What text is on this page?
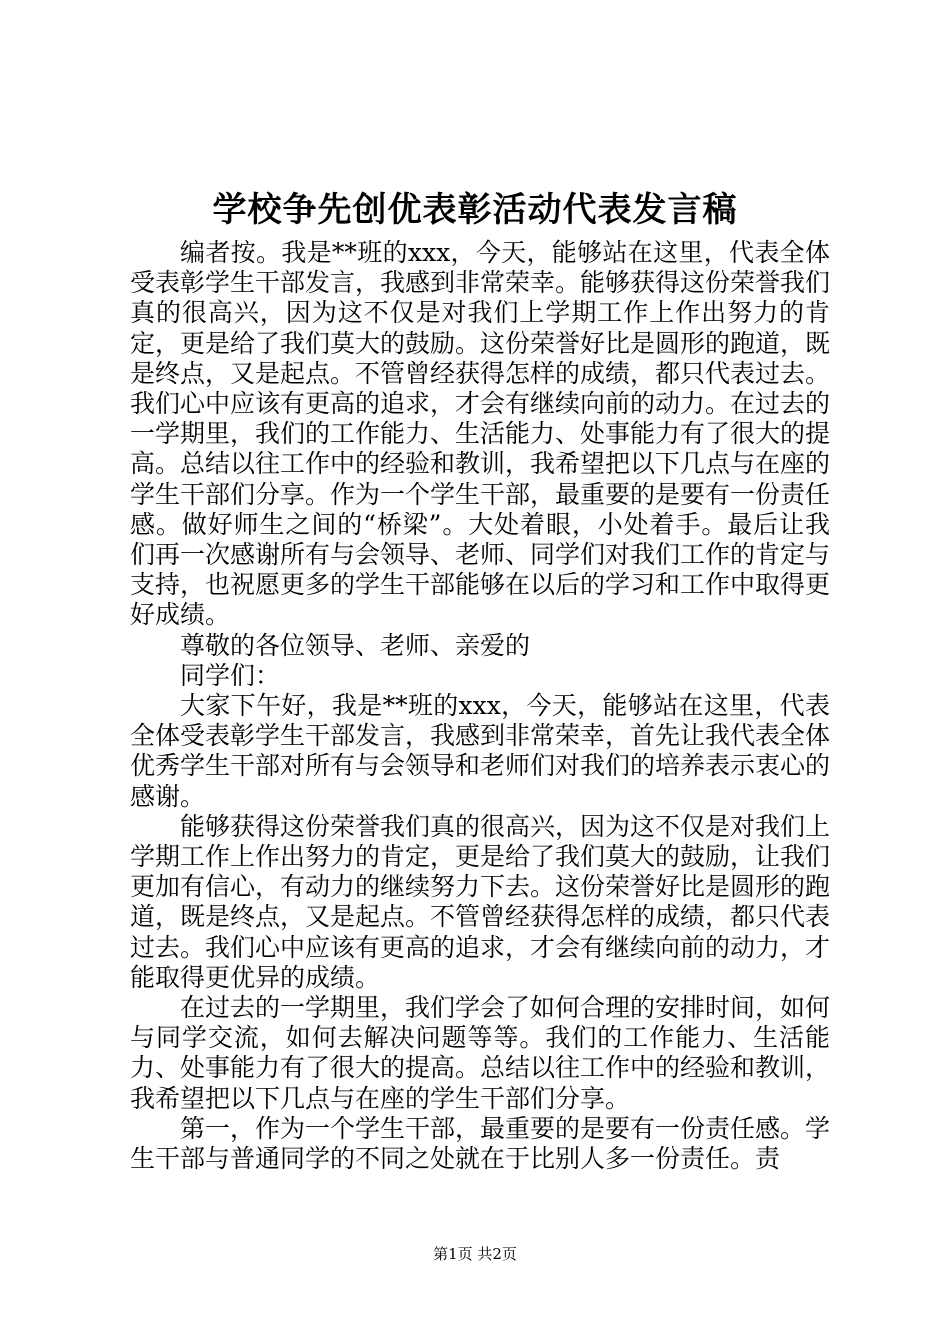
学校争先创优表彰活动代表发言稿

编者按。我是**班的xxx，今天，能够站在这里，代表全体受表彰学生干部发言，我感到非常荣幸。能够获得这份荣誉我们真的很高兴，因为这不仅是对我们上学期工作上作出努力的肯定，更是给了我们莫大的鼓励。这份荣誉好比是圆形的跑道，既是终点，又是起点。不管曾经获得怎样的成绩，都只代表过去。我们心中应该有更高的追求，才会有继续向前的动力。在过去的一学期里，我们的工作能力、生活能力、处事能力有了很大的提高。总结以往工作中的经验和教训，我希望把以下几点与在座的学生干部们分享。作为一个学生干部，最重要的是要有一份责任感。做好师生之间的“桥梁”。大处着眼，小处着手。最后让我们再一次感谢所有与会领导、老师、同学们对我们工作的肯定与支持，也祝愿更多的学生干部能够在以后的学习和工作中取得更好成绩。

尊敬的各位领导、老师、亲爱的

同学们：

大家下午好，我是**班的xxx，今天，能够站在这里，代表全体受表彰学生干部发言，我感到非常荣幸，首先让我代表全体优秀学生干部对所有与会领导和老师们对我们的培养表示衷心的感谢。

能够获得这份荣誉我们真的很高兴，因为这不仅是对我们上学期工作上作出努力的肯定，更是给了我们莫大的鼓励，让我们更加有信心，有动力的继续努力下去。这份荣誉好比是圆形的跑道，既是终点，又是起点。不管曾经获得怎样的成绩，都只代表过去。我们心中应该有更高的追求，才会有继续向前的动力，才能取得更优异的成绩。

在过去的一学期里，我们学会了如何合理的安排时间，如何与同学交流，如何去解决问题等等。我们的工作能力、生活能力、处事能力有了很大的提高。总结以往工作中的经验和教训，我希望把以下几点与在座的学生干部们分享。

第一，作为一个学生干部，最重要的是要有一份责任感。学生干部与普通同学的不同之处就在于比别人多一份责任。责

第1页 共2页
